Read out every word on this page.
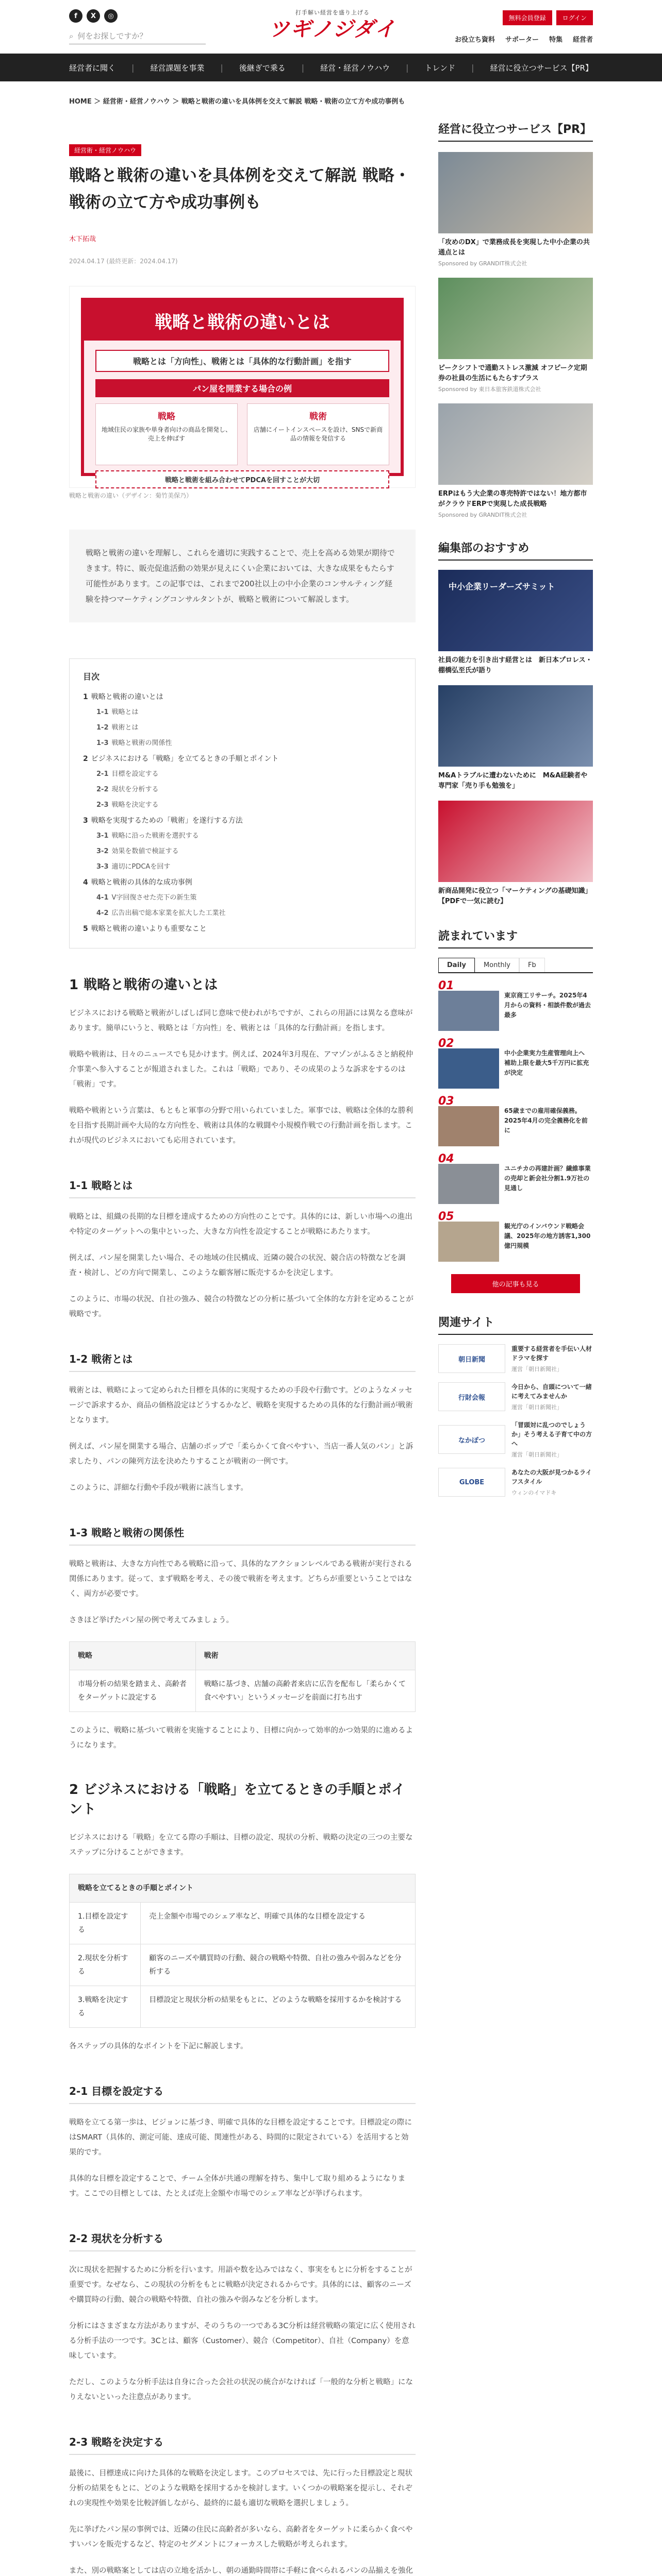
f	X	◎
⌕ 何をお探しですか？
打手解い経営を盛り上げる
ツギノジダイ	無料会員登録	ログイン
お役立ち資料 サポーター 特集 経営者
経営者に聞く | 経営課題を事業 | 後継ぎで乗る | 経営・経営ノウハウ | トレンド | 経営に役立つサービス【PR】
HOME ＞ 経営術・経営ノウハウ ＞ 戦略と戦術の違いを具体例を交えて解説 戦略・戦術の立て方や成功事例も
経営術・経営ノウハウ
戦略と戦術の違いを具体例を交えて解説 戦略・戦術の立て方や成功事例も
木下拓哉
2024.04.17 (最終更新：2024.04.17)
戦略と戦術の違いとは
戦略とは「方向性」、戦術とは「具体的な行動計画」を指す
パン屋を開業する場合の例
戦略
地域住民の家族や単身者向けの商品を開発し、売上を伸ばす
戦術
店舗にイートインスペースを設け、SNSで新商品の情報を発信する
戦略と戦術を組み合わせてPDCAを回すことが大切
戦略と戦術の違い（デザイン：菊竹美保乃）
戦略と戦術の違いを理解し、これらを適切に実践することで、売上を高める効果が期待できます。特に、販売促進活動の効果が見えにくい企業においては、大きな成果をもたらす可能性があります。この記事では、これまで200社以上の中小企業のコンサルティング経験を持つマーケティングコンサルタントが、戦略と戦術について解説します。
目次
1 戦略と戦術の違いとは
1-1 戦略とは
1-2 戦術とは
1-3 戦略と戦術の関係性
2 ビジネスにおける「戦略」を立てるときの手順とポイント
2-1 目標を設定する
2-2 現状を分析する
2-3 戦略を決定する
3 戦略を実現するための「戦術」を遂行する方法
3-1 戦略に沿った戦術を選択する
3-2 効果を数値で検証する
3-3 適切にPDCAを回す
4 戦略と戦術の具体的な成功事例
4-1 V字回復させた売下の新生策
4-2 広告出稿で総本家業を拡大した工業社
5 戦略と戦術の違いよりも重要なこと
1 戦略と戦術の違いとは

ビジネスにおける戦略と戦術がしばしば同じ意味で使われがちですが、これらの用語には異なる意味があります。簡単にいうと、戦略とは「方向性」を、戦術とは「具体的な行動計画」を指します。

戦略や戦術は、日々のニュースでも見かけます。例えば、2024年3月現在、アマゾンがふるさと納税仲介事業へ参入することが報道されました。これは「戦略」であり、その成果のような訴求をするのは「戦術」です。

戦略や戦術という言葉は、もともと軍事の分野で用いられていました。軍事では、戦略は全体的な勝利を目指す長期計画や大局的な方向性を、戦術は具体的な戦闘や小規模作戦での行動計画を指します。これが現代のビジネスにおいても応用されています。

1-1 戦略とは

戦略とは、組織の長期的な目標を達成するための方向性のことです。具体的には、新しい市場への進出や特定のターゲットへの集中といった、大きな方向性を設定することが戦略にあたります。

例えば、パン屋を開業したい場合、その地域の住民構成、近隣の競合の状況、競合店の特徴などを調査・検討し、どの方向で開業し、このような顧客層に販売するかを決定します。

このように、市場の状況、自社の強み、競合の特徴などの分析に基づいて全体的な方針を定めることが戦略です。

1-2 戦術とは

戦術とは、戦略によって定められた目標を具体的に実現するための手段や行動です。どのようなメッセージで訴求するか、商品の価格設定はどうするかなど、戦略を実現するための具体的な行動計画が戦術となります。

例えば、パン屋を開業する場合、店舗のポップで「柔らかくて食べやすい、当店一番人気のパン」と訴求したり、パンの陳列方法を決めたりすることが戦術の一例です。

このように、詳細な行動や手段が戦術に該当します。

1-3 戦略と戦術の関係性

戦略と戦術は、大きな方向性である戦略に沿って、具体的なアクションレベルである戦術が実行される関係にあります。従って、まず戦略を考え、その後で戦術を考えます。どちらが重要ということではなく、両方が必要です。

さきほど挙げたパン屋の例で考えてみましょう。

戦略	戦術
市場分析の結果を踏まえ、高齢者をターゲットに設定する	戦略に基づき、店舗の高齢者来店に広告を配布し「柔らかくて食べやすい」というメッセージを前面に打ち出す

このように、戦略に基づいて戦術を実施することにより、目標に向かって効率的かつ効果的に進めるようになります。

2 ビジネスにおける「戦略」を立てるときの手順とポイント

ビジネスにおける「戦略」を立てる際の手順は、目標の設定、現状の分析、戦略の決定の三つの主要なステップに分けることができます。

戦略を立てるときの手順とポイント	
1.目標を設定する	売上金額や市場でのシェア率など、明確で具体的な目標を設定する
2.現状を分析する	顧客のニーズや購買時の行動、競合の戦略や特徴、自社の強みや弱みなどを分析する
3.戦略を決定する	目標設定と現状分析の結果をもとに、どのような戦略を採用するかを検討する

各ステップの具体的なポイントを下記に解説します。

2-1 目標を設定する

戦略を立てる第一歩は、ビジョンに基づき、明確で具体的な目標を設定することです。目標設定の際にはSMART（具体的、測定可能、達成可能、関連性がある、時間的に限定されている）を活用すると効果的です。

具体的な目標を設定することで、チーム全体が共通の理解を持ち、集中して取り組めるようになります。ここでの目標としては、たとえば売上金額や市場でのシェア率などが挙げられます。

2-2 現状を分析する

次に現状を把握するために分析を行います。用語や数を込みではなく、事実をもとに分析をすることが重要です。なぜなら、この現状の分析をもとに戦略が決定されるからです。具体的には、顧客のニーズや購買時の行動、競合の戦略や特徴、自社の強みや弱みなどを分析します。

分析にはさまざまな方法がありますが、そのうちの一つである3C分析は経営戦略の策定に広く使用される分析手法の一つです。3Cとは、顧客（Customer）、競合（Competitor）、自社（Company）を意味しています。

ただし、このような分析手法は自身に合った会社の状況の統合がなければ「一般的な分析と戦略」になりえないといった注意点があります。

2-3 戦略を決定する

最後に、目標達成に向けた具体的な戦略を決定します。このプロセスでは、先に行った目標設定と現状分析の結果をもとに、どのような戦略を採用するかを検討します。いくつかの戦略案を提示し、それぞれの実現性や効果を比較評価しながら、最終的に最も適切な戦略を選択しましょう。

先に挙げたパン屋の事例では、近隣の住民に高齢者が多いなら、高齢者をターゲットに柔らかく食べやすいパンを販売するなど、特定のセグメントにフォーカスした戦略が考えられます。

また、別の戦略案としては店の立地を活かし、朝の通勤時間帯に手軽に食べられるパンの品揃えを強化

経営に役立つサービス【PR】
「攻めのDX」で業務成長を実現した中小企業の共通点とは
Sponsored by GRANDIT株式会社
ピークシフトで通勤ストレス激減 オフピーク定期券の社員の生活にもたらすプラス
Sponsored by 東日本旅客鉄道株式会社
ERPはもう大企業の専売特許ではない！地方都市がクラウドERPで実現した成長戦略
Sponsored by GRANDIT株式会社
編集部のおすすめ
中小企業リーダーズサミット
社員の能力を引き出す経営とは　新日本プロレス・棚橋弘至氏が語り
M&Aトラブルに遭わないために　M&A経験者や専門家「売り手も勉強を」
新商品開発に役立つ「マーケティングの基礎知識」【PDFで一気に読む】
読まれています
Daily	Monthly	Fb
01
東京商工リサーチ。2025年4月からの資料・相談件数が過去最多
02
中小企業実力生産管理向上へ 補助上限を最大5千万円に拡充が決定
03
65歳までの雇用確保義務。2025年4月の完全義務化を前に
04
ユニチカの再建計画？繊維事業の売却と新会社分割1.9万社の見通し
05
観光庁のインバウンド戦略会議、2025年の地方誘客1,300億円規模
他の記事も見る
関連サイト
朝日新聞
重要する経営者を手伝い人材ドラマを探す
運営「朝日新聞社」
行財会報
今日から、自頭について一緒に考えてみませんか
運営「朝日新聞社」
なかぽつ
「冒頭対に乱つのでしょうか」そう考える子育て中の方へ
運営「朝日新聞社」
GLOBE
あなたの大阪が見つかるライフスタイル
ウィンのイマドキ
